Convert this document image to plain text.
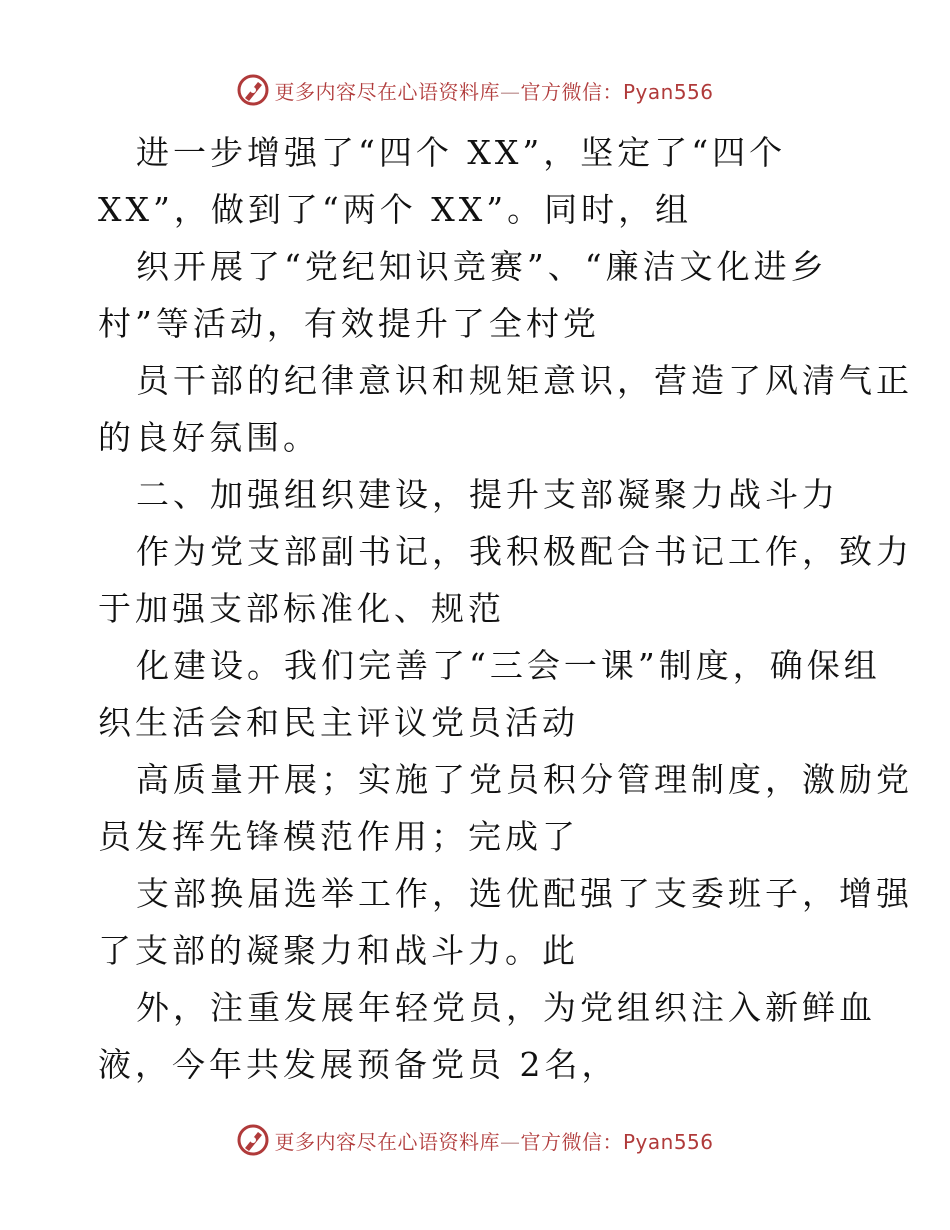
更多内容尽在心语资料库—官方微信：Pyan556
进一步增强了“四个 XX”，坚定了“四个
XX”，做到了“两个 XX”。同时，组
织开展了“党纪知识竞赛”、“廉洁文化进乡
村”等活动，有效提升了全村党
员干部的纪律意识和规矩意识，营造了风清气正
的良好氛围。
二、加强组织建设，提升支部凝聚力战斗力
作为党支部副书记，我积极配合书记工作，致力
于加强支部标准化、规范
化建设。我们完善了“三会一课”制度，确保组
织生活会和民主评议党员活动
高质量开展；实施了党员积分管理制度，激励党
员发挥先锋模范作用；完成了
支部换届选举工作，选优配强了支委班子，增强
了支部的凝聚力和战斗力。此
外，注重发展年轻党员，为党组织注入新鲜血
液，今年共发展预备党员 2名，
更多内容尽在心语资料库—官方微信：Pyan556
